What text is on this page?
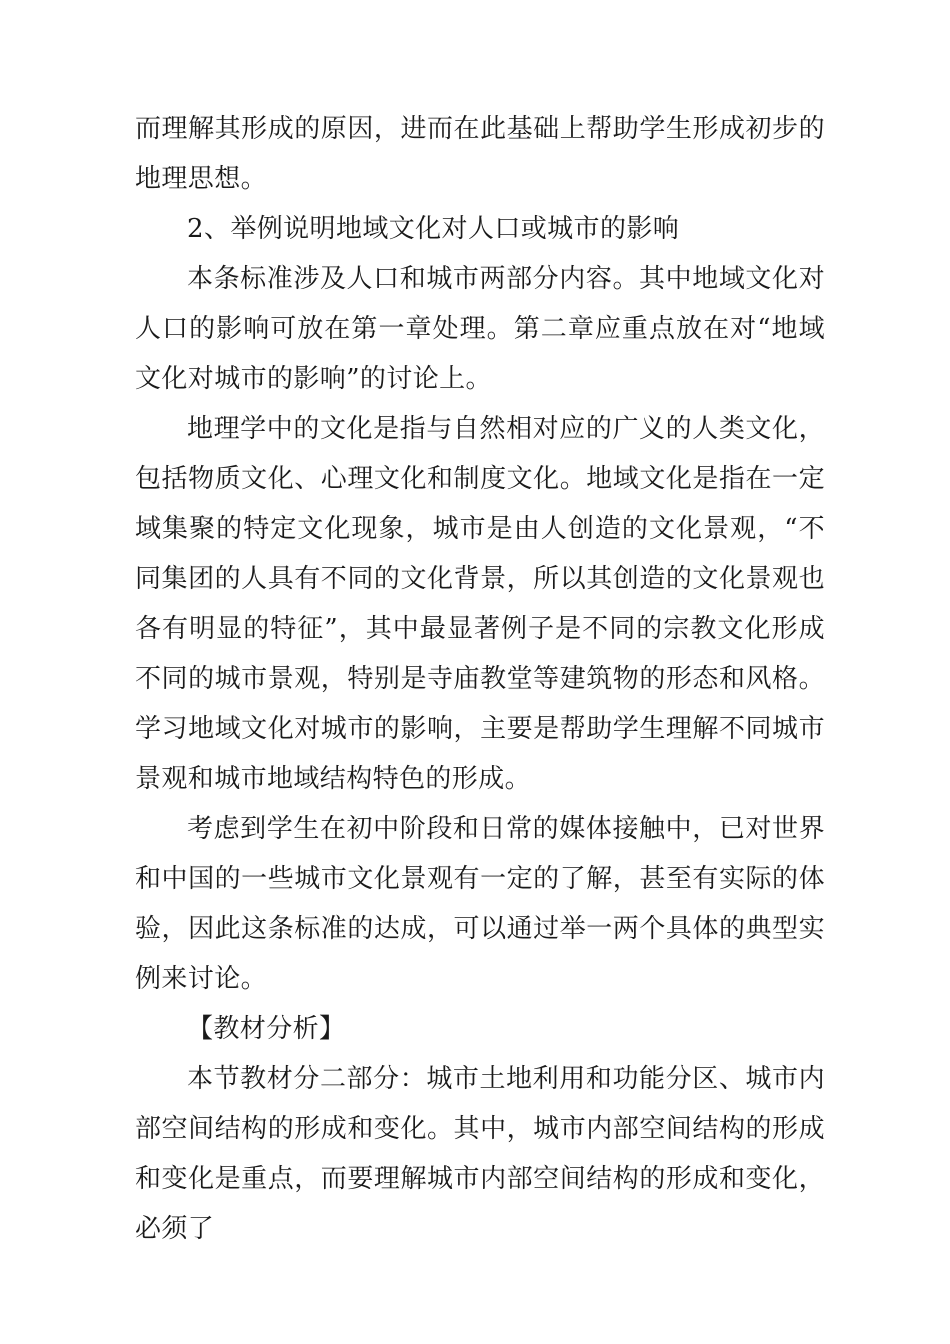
而理解其形成的原因，进而在此基础上帮助学生形成初步的地理思想。

2、举例说明地域文化对人口或城市的影响

本条标准涉及人口和城市两部分内容。其中地域文化对人口的影响可放在第一章处理。第二章应重点放在对“地域文化对城市的影响”的讨论上。

地理学中的文化是指与自然相对应的广义的人类文化，包括物质文化、心理文化和制度文化。地域文化是指在一定域集聚的特定文化现象，城市是由人创造的文化景观，“不同集团的人具有不同的文化背景，所以其创造的文化景观也各有明显的特征”，其中最显著例子是不同的宗教文化形成不同的城市景观，特别是寺庙教堂等建筑物的形态和风格。学习地域文化对城市的影响，主要是帮助学生理解不同城市景观和城市地域结构特色的形成。

考虑到学生在初中阶段和日常的媒体接触中，已对世界和中国的一些城市文化景观有一定的了解，甚至有实际的体验，因此这条标准的达成，可以通过举一两个具体的典型实例来讨论。

【教材分析】

本节教材分二部分：城市土地利用和功能分区、城市内部空间结构的形成和变化。其中，城市内部空间结构的形成和变化是重点，而要理解城市内部空间结构的形成和变化，必须了
